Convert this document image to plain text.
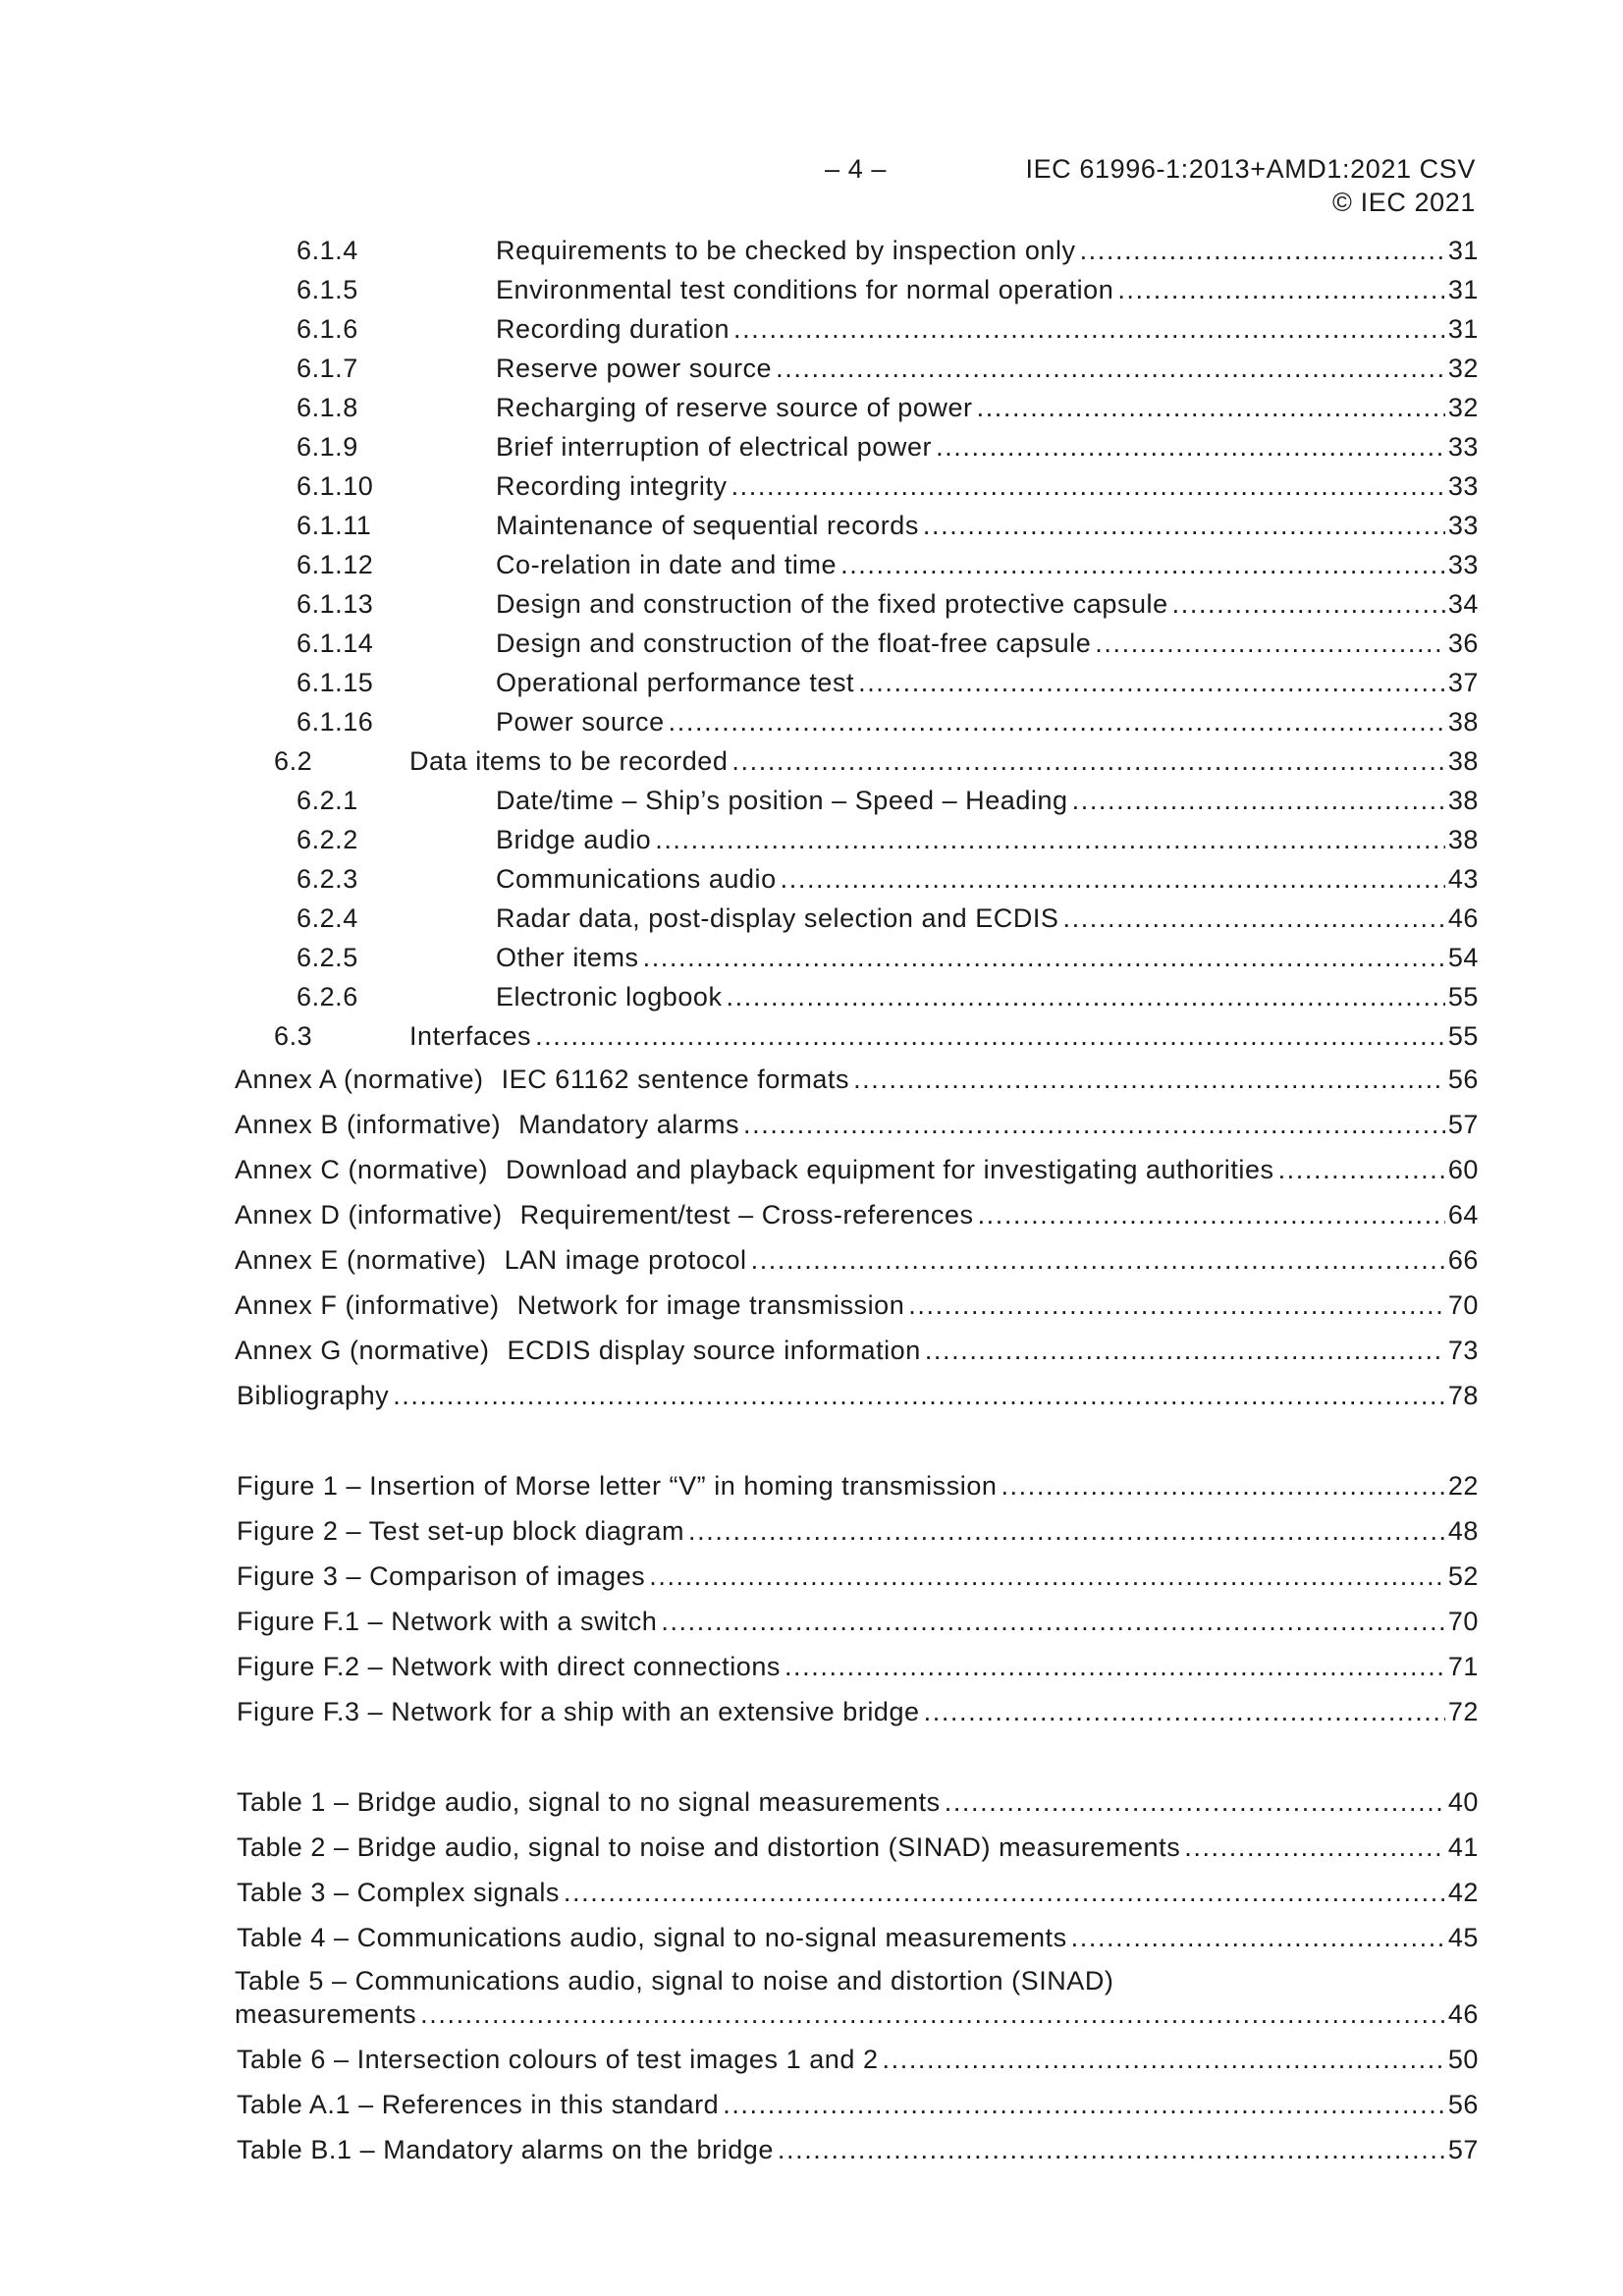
– 4 –	IEC 61996-1:2013+AMD1:2021 CSV
© IEC 2021
6.1.4	Requirements to be checked by inspection only .....	31
6.1.5	Environmental test conditions for normal operation .....	31
6.1.6	Recording duration .....	31
6.1.7	Reserve power source .....	32
6.1.8	Recharging of reserve source of power .....	32
6.1.9	Brief interruption of electrical power .....	33
6.1.10	Recording integrity .....	33
6.1.11	Maintenance of sequential records .....	33
6.1.12	Co-relation in date and time .....	33
6.1.13	Design and construction of the fixed protective capsule .....	34
6.1.14	Design and construction of the float-free capsule .....	36
6.1.15	Operational performance test .....	37
6.1.16	Power source .....	38
6.2	Data items to be recorded .....	38
6.2.1	Date/time – Ship’s position – Speed – Heading .....	38
6.2.2	Bridge audio .....	38
6.2.3	Communications audio .....	43
6.2.4	Radar data, post-display selection and ECDIS .....	46
6.2.5	Other items .....	54
6.2.6	Electronic logbook .....	55
6.3	Interfaces .....	55
Annex A (normative) IEC 61162 sentence formats .....	56
Annex B (informative) Mandatory alarms .....	57
Annex C (normative) Download and playback equipment for investigating authorities .....	60
Annex D (informative) Requirement/test – Cross-references .....	64
Annex E (normative) LAN image protocol .....	66
Annex F (informative) Network for image transmission .....	70
Annex G (normative) ECDIS display source information .....	73
Bibliography .....	78
Figure 1 – Insertion of Morse letter “V” in homing transmission .....	22
Figure 2 – Test set-up block diagram .....	48
Figure 3 – Comparison of images .....	52
Figure F.1 – Network with a switch .....	70
Figure F.2 – Network with direct connections .....	71
Figure F.3 – Network for a ship with an extensive bridge .....	72
Table 1 – Bridge audio, signal to no signal measurements .....	40
Table 2 – Bridge audio, signal to noise and distortion (SINAD) measurements .....	41
Table 3 – Complex signals .....	42
Table 4 – Communications audio, signal to no-signal measurements .....	45
Table 5 – Communications audio, signal to noise and distortion (SINAD)
measurements .....	46
Table 6 – Intersection colours of test images 1 and 2 .....	50
Table A.1 – References in this standard .....	56
Table B.1 – Mandatory alarms on the bridge .....	57
